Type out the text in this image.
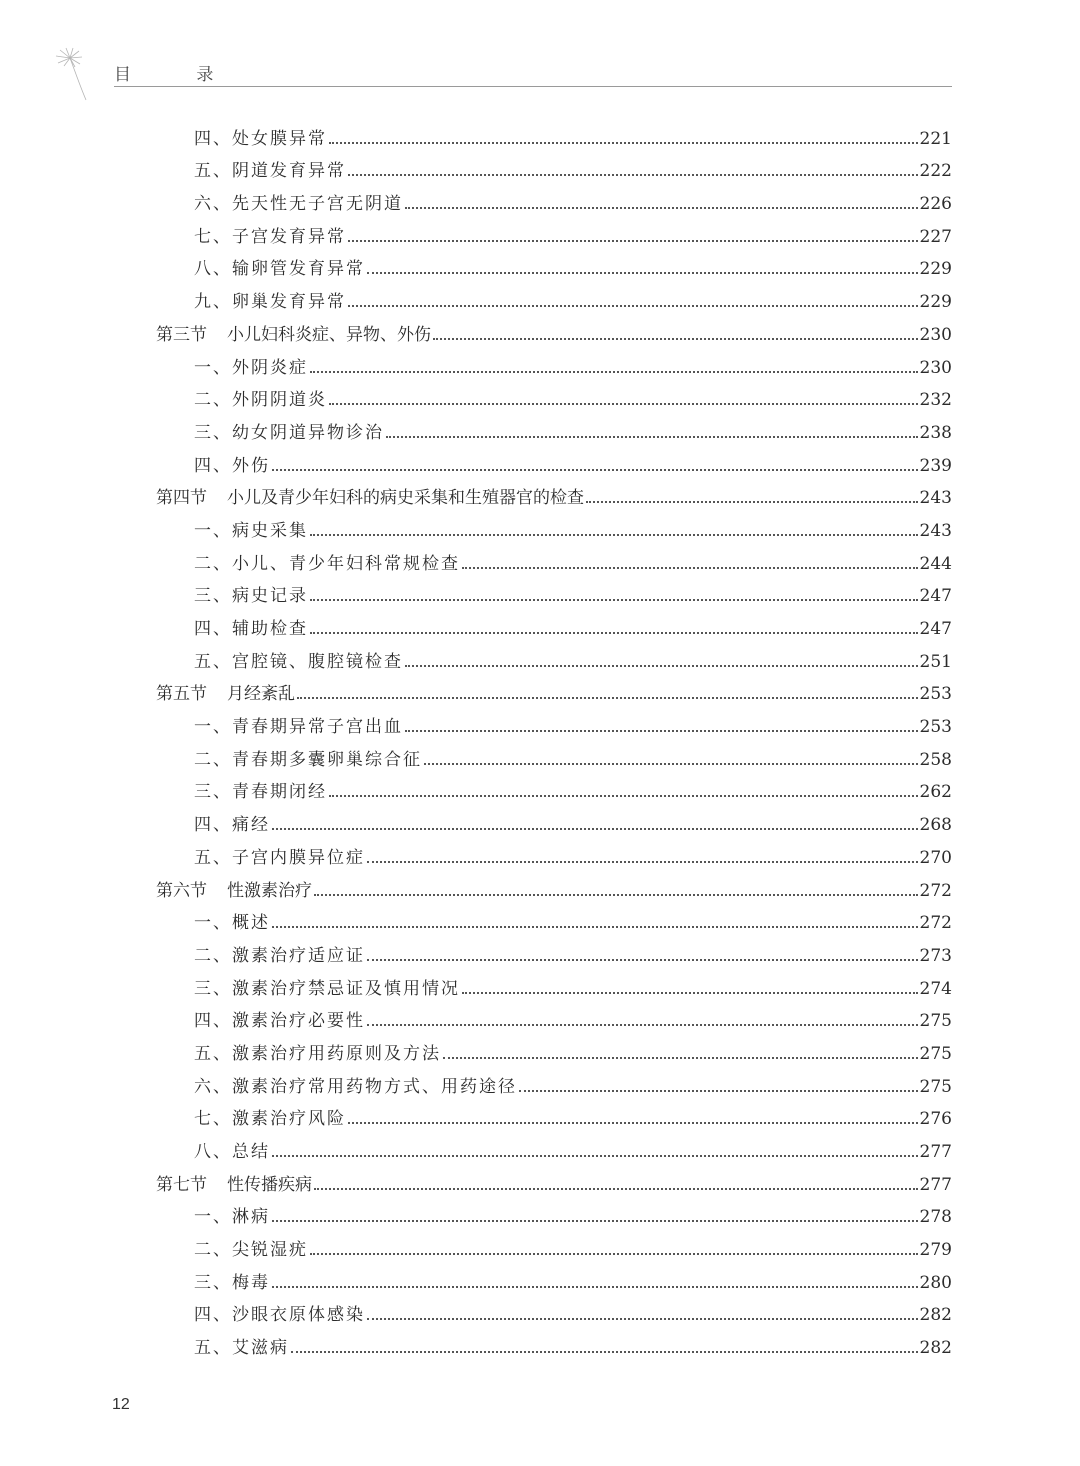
目 录
四、处女膜异常	221
五、阴道发育异常	222
六、先天性无子宫无阴道	226
七、子宫发育异常	227
八、输卵管发育异常	229
九、卵巢发育异常	229
第三节 小儿妇科炎症、异物、外伤	230
一、外阴炎症	230
二、外阴阴道炎	232
三、幼女阴道异物诊治	238
四、外伤	239
第四节 小儿及青少年妇科的病史采集和生殖器官的检查	243
一、病史采集	243
二、小儿、青少年妇科常规检查	244
三、病史记录	247
四、辅助检查	247
五、宫腔镜、腹腔镜检查	251
第五节 月经紊乱	253
一、青春期异常子宫出血	253
二、青春期多囊卵巢综合征	258
三、青春期闭经	262
四、痛经	268
五、子宫内膜异位症	270
第六节 性激素治疗	272
一、概述	272
二、激素治疗适应证	273
三、激素治疗禁忌证及慎用情况	274
四、激素治疗必要性	275
五、激素治疗用药原则及方法	275
六、激素治疗常用药物方式、用药途径	275
七、激素治疗风险	276
八、总结	277
第七节 性传播疾病	277
一、淋病	278
二、尖锐湿疣	279
三、梅毒	280
四、沙眼衣原体感染	282
五、艾滋病	282
12
